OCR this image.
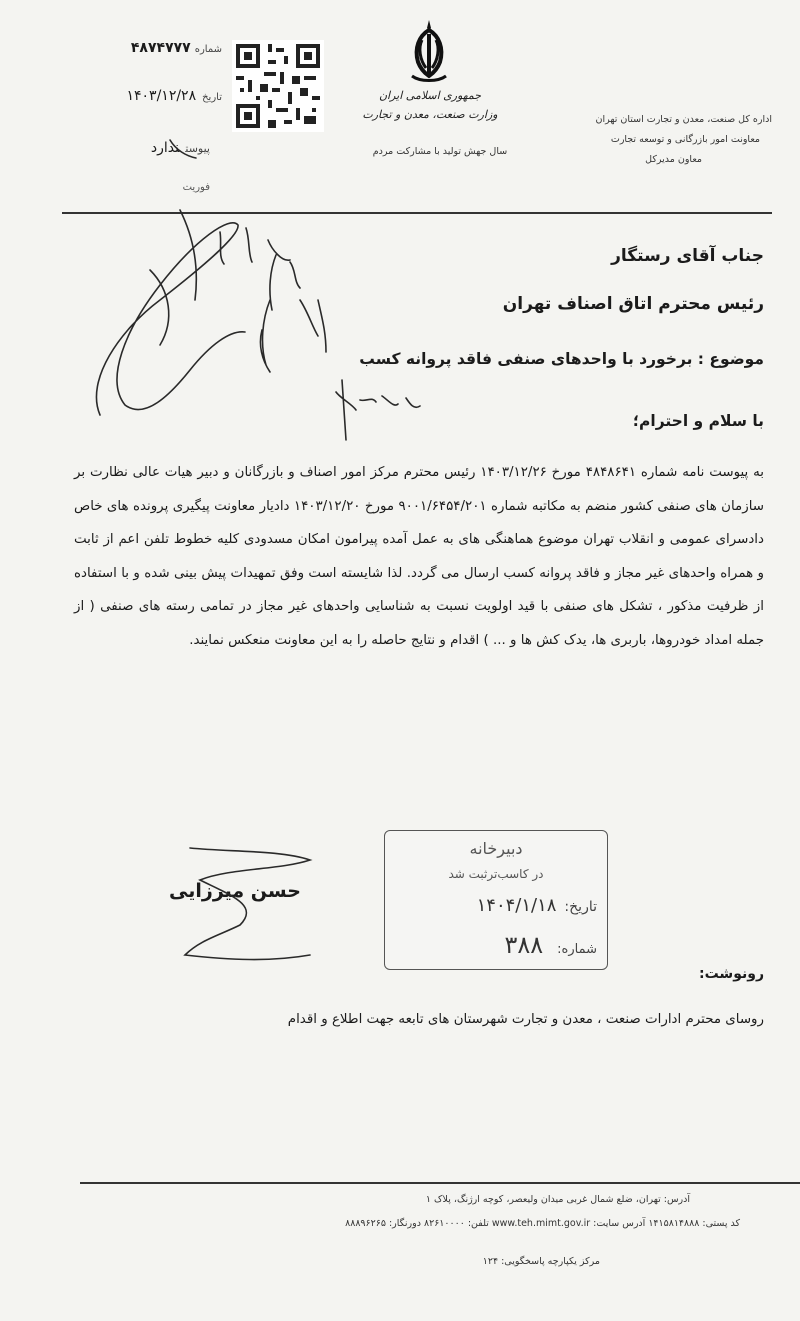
اداره کل صنعت، معدن و تجارت استان تهران
معاونت امور بازرگانی و توسعه تجارت
معاون مدیرکل
جمهوری اسلامی ایران
وزارت صنعت، معدن و تجارت
سال جهش تولید با مشارکت مردم
شماره۴۸۷۴۷۷۷
تاریخ۱۴۰۳/۱۲/۲۸
پیوستندارد
فوریت
جناب آقای رستگار
رئیس محترم اتاق اصناف تهران
موضوع : برخورد با واحدهای صنفی فاقد پروانه کسب
با سلام و احترام؛
به پیوست نامه شماره ۴۸۴۸۶۴۱ مورخ ۱۴۰۳/۱۲/۲۶ رئیس محترم مرکز امور اصناف و بازرگانان و دبیر هیات عالی نظارت بر سازمان های صنفی کشور منضم به مکاتبه شماره ۹۰۰۱/۶۴۵۴/۲۰۱ مورخ ۱۴۰۳/۱۲/۲۰ دادیار معاونت پیگیری پرونده های خاص دادسرای عمومی و انقلاب تهران موضوع هماهنگی های به عمل آمده پیرامون امکان مسدودی کلیه خطوط تلفن اعم از ثابت و همراه واحدهای غیر مجاز و فاقد پروانه کسب ارسال می گردد. لذا شایسته است وفق تمهیدات پیش بینی شده و با استفاده از ظرفیت مذکور ، تشکل های صنفی با قید اولویت نسبت به شناسایی واحدهای غیر مجاز در تمامی رسته های صنفی ( از جمله امداد خودروها، باربری ها، یدک کش ها و ... ) اقدام و نتایج حاصله را به این معاونت منعکس نمایند.
حسن میرزایی
دبیرخانه
در کاسب‌ترثبت شد
تاریخ:۱۴۰۴/۱/۱۸
شماره:۳۸۸
رونوشت:
روسای محترم ادارات صنعت ، معدن و تجارت شهرستان های تابعه جهت اطلاع و اقدام
آدرس: تهران، ضلع شمال غربی میدان ولیعصر، کوچه ارژنگ، پلاک ۱
کد پستی: ۱۴۱۵۸۱۴۸۸۸ آدرس سایت: www.teh.mimt.gov.ir تلفن: ۸۲۶۱۰۰۰۰ دورنگار: ۸۸۸۹۶۲۶۵
مرکز یکپارچه پاسخگویی: ۱۲۴
